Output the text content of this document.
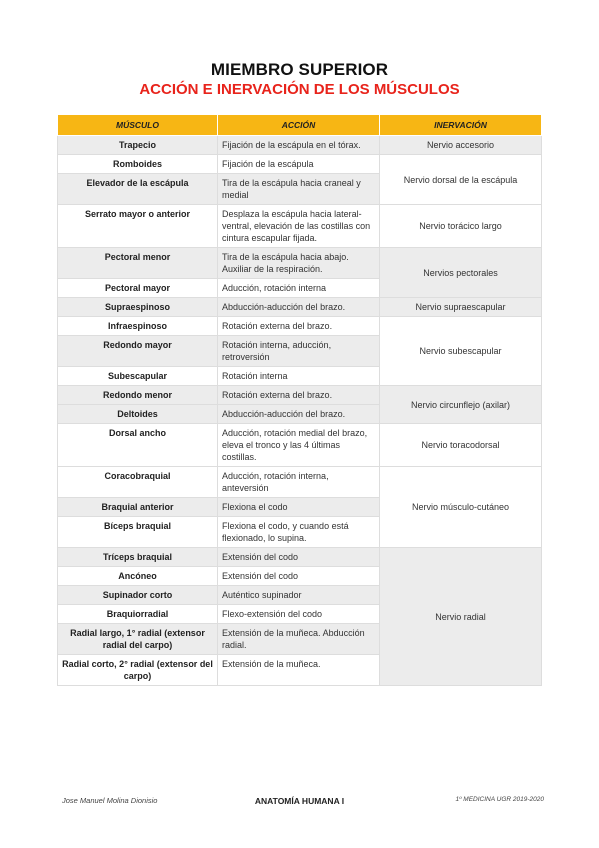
MIEMBRO SUPERIOR
ACCIÓN E INERVACIÓN DE LOS MÚSCULOS
MÚSCULO	ACCIÓN	INERVACIÓN
Trapecio	Fijación de la escápula en el tórax.	Nervio accesorio
Romboides	Fijación de la escápula	Nervio dorsal de la escápula
Elevador de la escápula	Tira de la escápula hacia craneal y medial	
Serrato mayor o anterior	Desplaza la escápula hacia lateral-ventral, elevación de las costillas con cintura escapular fijada.	Nervio torácico largo
Pectoral menor	Tira de la escápula hacia abajo. Auxiliar de la respiración.	Nervios pectorales
Pectoral mayor	Aducción, rotación interna	
Supraespinoso	Abducción-aducción del brazo.	Nervio supraescapular
Infraespinoso	Rotación externa del brazo.	Nervio subescapular
Redondo mayor	Rotación interna, aducción, retroversión	
Subescapular	Rotación interna	
Redondo menor	Rotación externa del brazo.	Nervio circunflejo (axilar)
Deltoides	Abducción-aducción del brazo.	
Dorsal ancho	Aducción, rotación medial del brazo, eleva el tronco y las 4 últimas costillas.	Nervio toracodorsal
Coracobraquial	Aducción, rotación interna, anteversión	Nervio músculo-cutáneo
Braquial anterior	Flexiona el codo	
Bíceps braquial	Flexiona el codo, y cuando está flexionado, lo supina.	
Tríceps braquial	Extensión del codo	Nervio radial
Ancóneo	Extensión del codo	
Supinador corto	Auténtico supinador	
Braquiorradial	Flexo-extensión del codo	
Radial largo, 1° radial (extensor radial del carpo)	Extensión de la muñeca. Abducción radial.	
Radial corto, 2° radial (extensor del carpo)	Extensión de la muñeca.	
Jose Manuel Molina Dionisio	ANATOMÍA HUMANA I	1º MEDICINA UGR 2019-2020
